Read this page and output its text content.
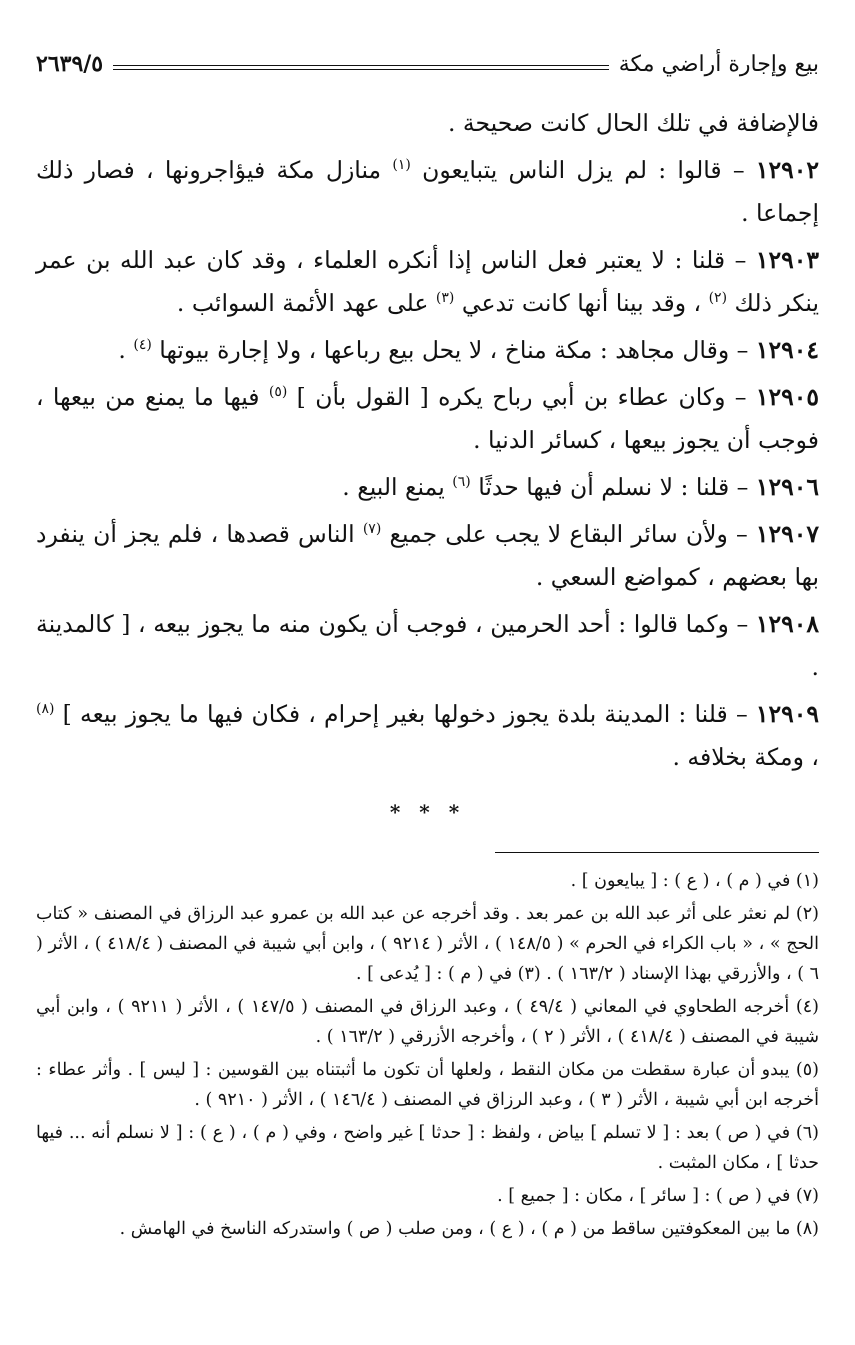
٢٦٣٩/٥	بيع وإجارة أراضي مكة

فالإضافة في تلك الحال كانت صحيحة .

١٢٩٠٢ – قالوا : لم يزل الناس يتبايعون $^{(١)}$ منازل مكة فيؤاجرونها ، فصار ذلك إجماعا .

١٢٩٠٣ – قلنا : لا يعتبر فعل الناس إذا أنكره العلماء ، وقد كان عبد الله بن عمر ينكر ذلك $^{(٢)}$ ، وقد بينا أنها كانت تدعي $^{(٣)}$ على عهد الأئمة السوائب .

١٢٩٠٤ – وقال مجاهد : مكة مناخ ، لا يحل بيع رباعها ، ولا إجارة بيوتها $^{(٤)}$ .

١٢٩٠٥ – وكان عطاء بن أبي رباح يكره [ القول بأن ] $^{(٥)}$ فيها ما يمنع من بيعها ، فوجب أن يجوز بيعها ، كسائر الدنيا .

١٢٩٠٦ – قلنا : لا نسلم أن فيها حدثًا $^{(٦)}$ يمنع البيع .

١٢٩٠٧ – ولأن سائر البقاع لا يجب على جميع $^{(٧)}$ الناس قصدها ، فلم يجز أن ينفرد بها بعضهم ، كمواضع السعي .

١٢٩٠٨ – وكما قالوا : أحد الحرمين ، فوجب أن يكون منه ما يجوز بيعه ، [ كالمدينة .

١٢٩٠٩ – قلنا : المدينة بلدة يجوز دخولها بغير إحرام ، فكان فيها ما يجوز بيعه ] $^{(٨)}$ ، ومكة بخلافه .

* * *

(١) في ( م ) ، ( ع ) : [ يبايعون ] .

(٢) لم نعثر على أثر عبد الله بن عمر بعد . وقد أخرجه عن عبد الله بن عمرو عبد الرزاق في المصنف « كتاب الحج » ، « باب الكراء في الحرم » ( ١٤٨/٥ ) ، الأثر ( ٩٢١٤ ) ، وابن أبي شيبة في المصنف ( ٤١٨/٤ ) ، الأثر ( ٦ ) ، والأزرقي بهذا الإسناد ( ١٦٣/٢ ) . (٣) في ( م ) : [ يُدعى ] .

(٤) أخرجه الطحاوي في المعاني ( ٤٩/٤ ) ، وعبد الرزاق في المصنف ( ١٤٧/٥ ) ، الأثر ( ٩٢١١ ) ، وابن أبي شيبة في المصنف ( ٤١٨/٤ ) ، الأثر ( ٢ ) ، وأخرجه الأزرقي ( ١٦٣/٢ ) .

(٥) يبدو أن عبارة سقطت من مكان النقط ، ولعلها أن تكون ما أثبتناه بين القوسين : [ ليس ] . وأثر عطاء : أخرجه ابن أبي شيبة ، الأثر ( ٣ ) ، وعبد الرزاق في المصنف ( ١٤٦/٤ ) ، الأثر ( ٩٢١٠ ) .

(٦) في ( ص ) بعد : [ لا تسلم ] بياض ، ولفظ : [ حدثا ] غير واضح ، وفي ( م ) ، ( ع ) : [ لا نسلم أنه ... فيها حدثا ] ، مكان المثبت .

(٧) في ( ص ) : [ سائر ] ، مكان : [ جميع ] .

(٨) ما بين المعكوفتين ساقط من ( م ) ، ( ع ) ، ومن صلب ( ص ) واستدركه الناسخ في الهامش .
